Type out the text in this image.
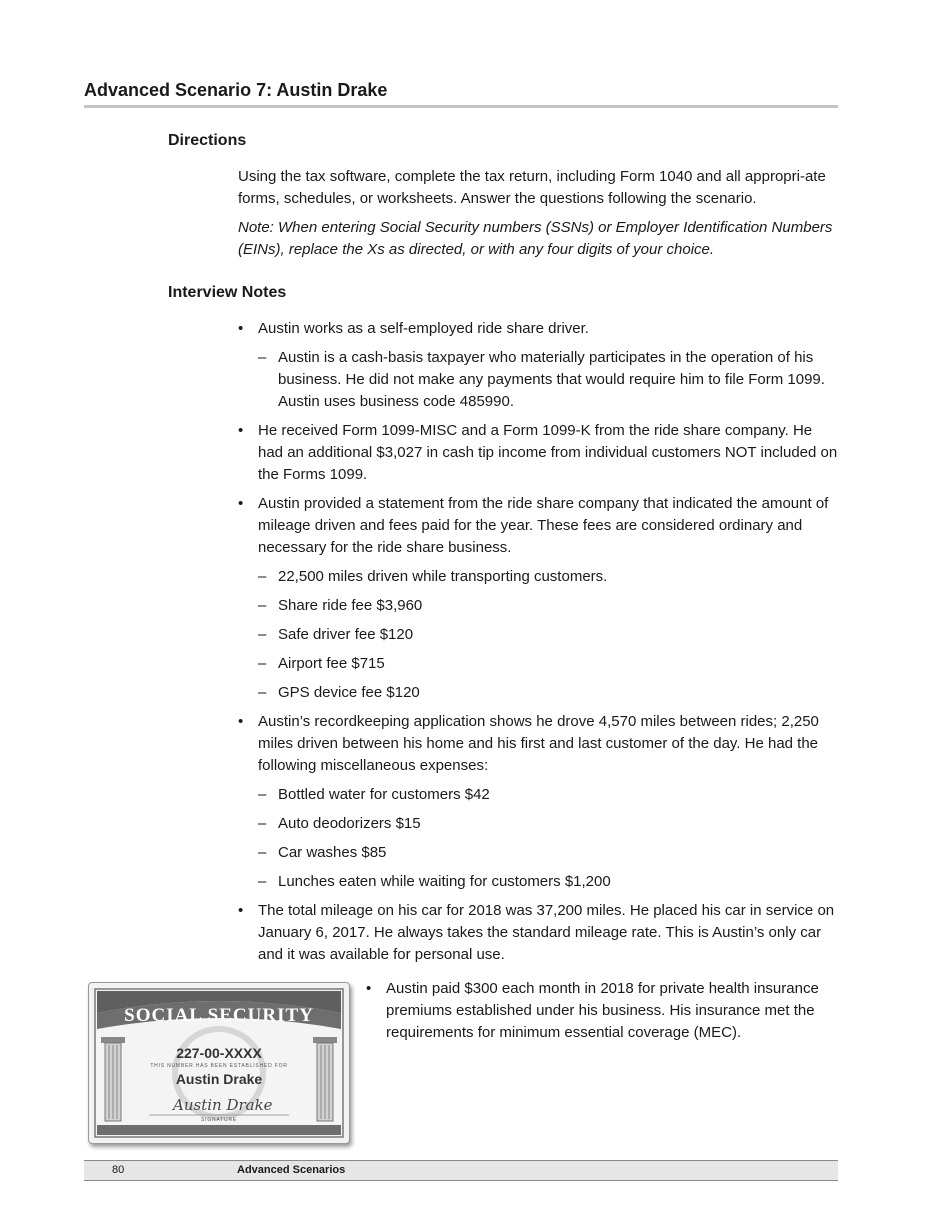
Advanced Scenario 7: Austin Drake
Directions

Using the tax software, complete the tax return, including Form 1040 and all appropri-ate forms, schedules, or worksheets. Answer the questions following the scenario.

Note: When entering Social Security numbers (SSNs) or Employer Identification Numbers (EINs), replace the Xs as directed, or with any four digits of your choice.

Interview Notes
• Austin works as a self-employed ride share driver.
– Austin is a cash-basis taxpayer who materially participates in the operation of his business. He did not make any payments that would require him to file Form 1099. Austin uses business code 485990.
• He received Form 1099-MISC and a Form 1099-K from the ride share company. He had an additional $3,027 in cash tip income from individual customers NOT included on the Forms 1099.
• Austin provided a statement from the ride share company that indicated the amount of mileage driven and fees paid for the year. These fees are considered ordinary and necessary for the ride share business.
– 22,500 miles driven while transporting customers.
– Share ride fee $3,960
– Safe driver fee $120
– Airport fee $715
– GPS device fee $120
• Austin’s recordkeeping application shows he drove 4,570 miles between rides; 2,250 miles driven between his home and his first and last customer of the day. He had the following miscellaneous expenses:
– Bottled water for customers $42
– Auto deodorizers $15
– Car washes $85
– Lunches eaten while waiting for customers $1,200
• The total mileage on his car for 2018 was 37,200 miles. He placed his car in service on January 6, 2017. He always takes the standard mileage rate. This is Austin’s only car and it was available for personal use.
• Austin paid $300 each month in 2018 for private health insurance premiums established under his business. His insurance met the requirements for minimum essential coverage (MEC).
SOCIAL SECURITY
227-00-XXXX
THIS NUMBER HAS BEEN ESTABLISHED FOR
Austin Drake
Austin Drake
SIGNATURE
80	Advanced Scenarios
